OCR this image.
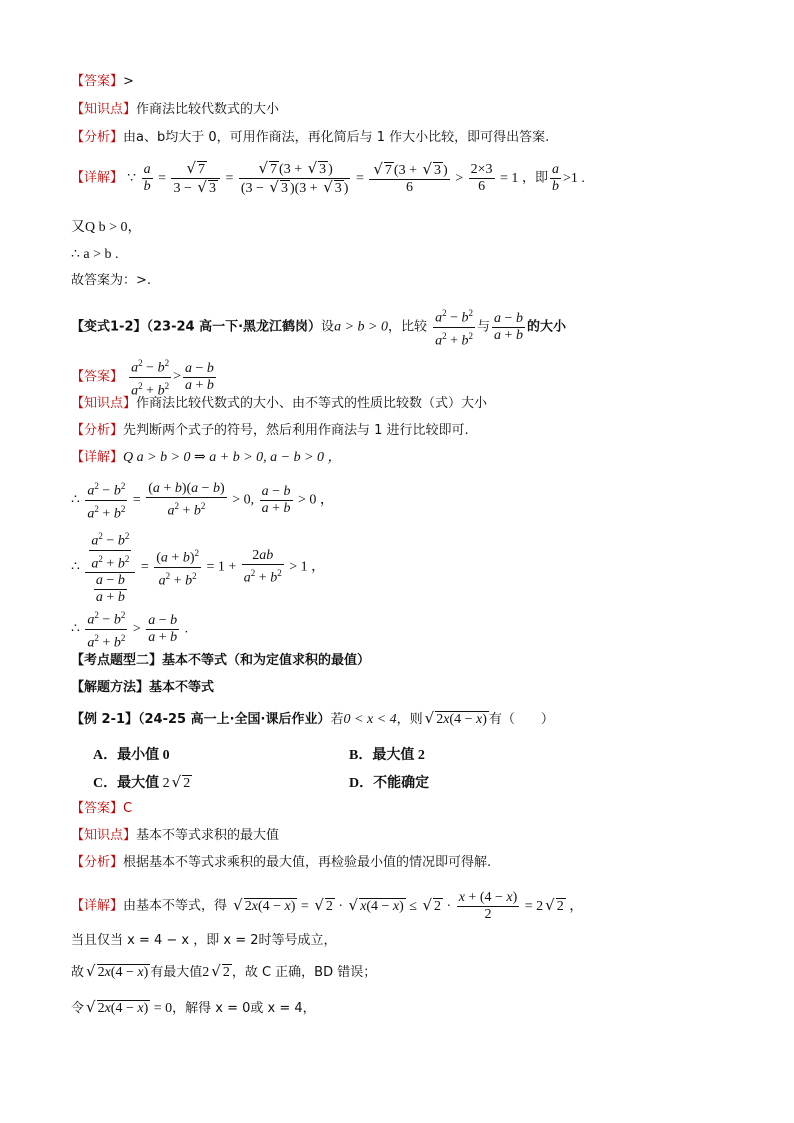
【答案】>
【知识点】作商法比较代数式的大小
【分析】由a、b均大于 0，可用作商法，再化简后与 1 作大小比较，即可得出答案.
【详解】 ∵ $\frac{a}{b} = \frac{√ 7}{3 - √ 3} = \frac{√ 7 (3 + √ 3 )}{(3 - √ 3 )(3 + √ 3 )} = \frac{√ 7 (3 + √ 3 )}{6} > \frac{2\times 3}{6} = 1$ ，即 $\frac{a}{b} >1$ .
又Q b > 0，
∴ a > b .
故答案为：>.
【变式1-2】（23-24 高一下·黑龙江鹤岗）设a > b > 0，比较 $\frac{a^2 - b^2}{a^2 + b^2}$ 与 $\frac{a - b}{a + b}$ 的大小
【答案】 $\frac{a^2 - b^2}{a^2 + b^2} > \frac{a - b}{a + b}$
【知识点】作商法比较代数式的大小、由不等式的性质比较数（式）大小
【分析】先判断两个式子的符号，然后利用作商法与 1 进行比较即可.
【详解】Q a > b > 0 ⇒ a + b > 0, a − b > 0 ，
∴ $\frac{a^2 - b^2}{a^2 + b^2} = \frac{(a + b)(a - b)}{a^2 + b^2} > 0$, $\frac{a - b}{a + b} > 0$ ，
∴ $\frac{\frac{a^2 - b^2}{a^2 + b^2}}{\frac{a - b}{a + b}} = \frac{(a + b)^2}{a^2 + b^2} = 1 + \frac{2ab}{a^2 + b^2} > 1$ ，
∴ $\frac{a^2 - b^2}{a^2 + b^2} > \frac{a - b}{a + b}$ .
【考点题型二】基本不等式（和为定值求积的最值）
【解题方法】基本不等式
【例 2-1】（24-25 高一上·全国·课后作业）若0 < x < 4，则 √ 2x(4 − x) 有（　　）
A．最小值 0	B．最大值 2
C．最大值 2 √ 2	D．不能确定
【答案】C
【知识点】基本不等式求积的最大值
【分析】根据基本不等式求乘积的最大值，再检验最小值的情况即可得解.
【详解】由基本不等式，得 √ 2x(4 − x) = √ 2 · √ x(4 − x) ≤ √ $2 \cdot \frac{x + (4 - x)}{2} = 2$ √ 2 ，
当且仅当 x = 4 − x ，即 x = 2时等号成立，
故 √ 2x(4 − x) 有最大值2 √ 2 ，故 C 正确，BD 错误；
令 √ 2x(4 − x) = 0，解得 x = 0或 x = 4，
